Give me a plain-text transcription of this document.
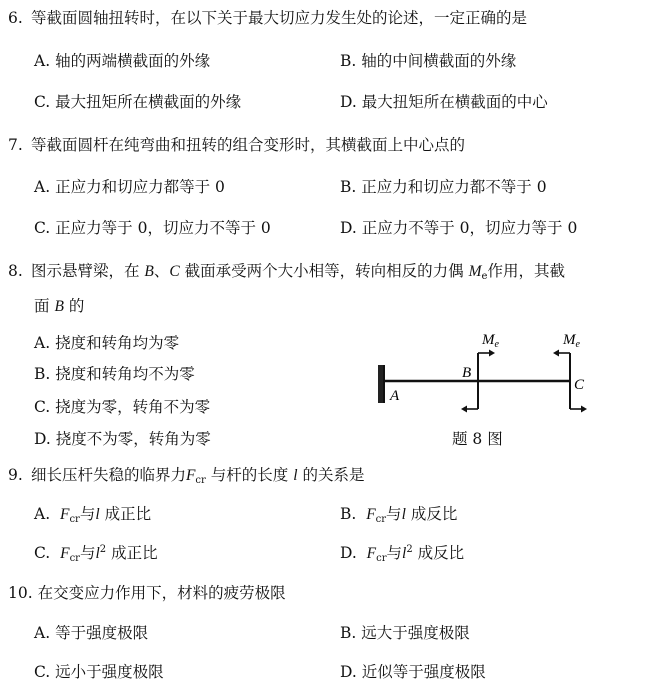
6. 等截面圆轴扭转时，在以下关于最大切应力发生处的论述，一定正确的是
A. 轴的两端横截面的外缘	B. 轴的中间横截面的外缘
C. 最大扭矩所在横截面的外缘	D. 最大扭矩所在横截面的中心
7. 等截面圆杆在纯弯曲和扭转的组合变形时，其横截面上中心点的
A. 正应力和切应力都等于 0	B. 正应力和切应力都不等于 0
C. 正应力等于 0，切应力不等于 0	D. 正应力不等于 0，切应力等于 0
8. 图示悬臂梁，在 B、C 截面承受两个大小相等，转向相反的力偶 $M_e$作用，其截
面 B 的
A. 挠度和转角均为零
B. 挠度和转角均不为零
C. 挠度为零，转角不为零
D. 挠度不为零，转角为零
$M_e$	$M_e$
B
C
A
题 8 图
9. 细长压杆失稳的临界力$F_{cr}$ 与杆的长度 l 的关系是
A. $F_{cr}$与l 成正比	B. $F_{cr}$与l 成反比
C. $F_{cr}$与$l^2$ 成正比	D. $F_{cr}$与$l^2$ 成反比
10. 在交变应力作用下，材料的疲劳极限
A. 等于强度极限	B. 远大于强度极限
C. 远小于强度极限	D. 近似等于强度极限
